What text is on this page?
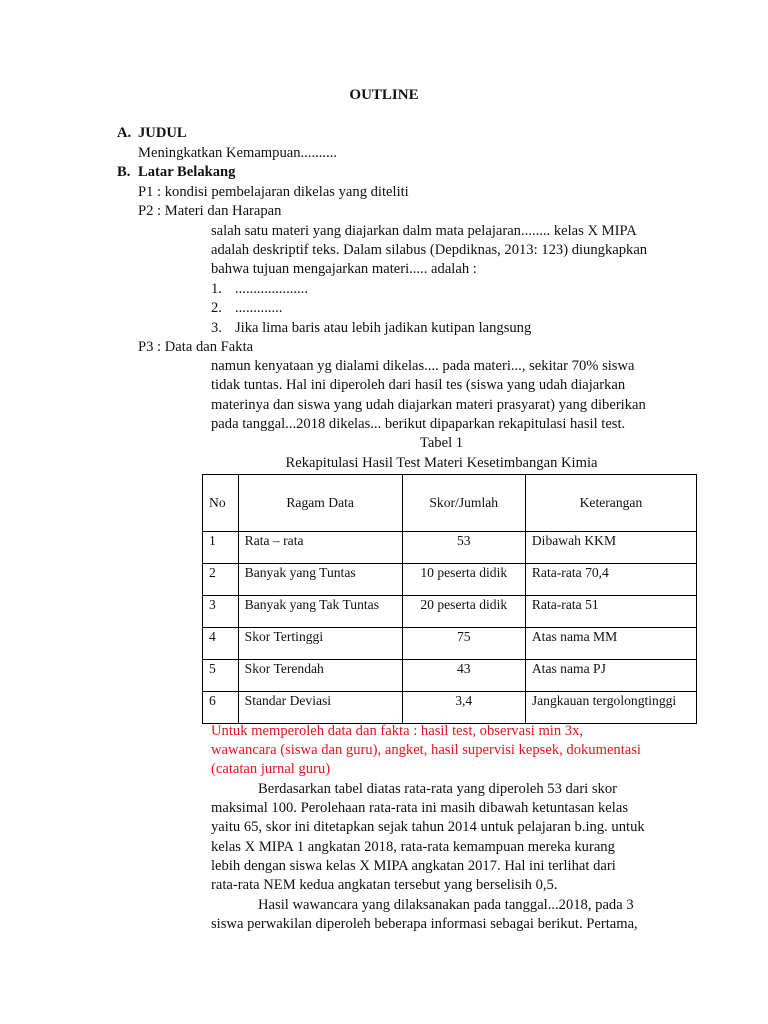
OUTLINE
A. JUDUL
Meningkatkan Kemampuan..........
B. Latar Belakang
P1 : kondisi pembelajaran dikelas yang diteliti
P2 : Materi dan Harapan
salah satu materi yang diajarkan dalm mata pelajaran........ kelas X MIPA
adalah deskriptif teks. Dalam silabus (Depdiknas, 2013: 123) diungkapkan
bahwa tujuan mengajarkan materi..... adalah :
1. ....................
2. .............
3. Jika lima baris atau lebih jadikan kutipan langsung
P3 : Data dan Fakta
namun kenyataan yg dialami dikelas.... pada materi..., sekitar 70% siswa
tidak tuntas. Hal ini diperoleh dari hasil tes (siswa yang udah diajarkan
materinya dan siswa yang udah diajarkan materi prasyarat) yang diberikan
pada tanggal...2018 dikelas... berikut dipaparkan rekapitulasi hasil test.
Tabel 1
Rekapitulasi Hasil Test Materi Kesetimbangan Kimia
No	Ragam Data	Skor/Jumlah	Keterangan
1	Rata – rata	53	Dibawah KKM
2	Banyak yang Tuntas	10 peserta didik	Rata-rata 70,4
3	Banyak yang Tak Tuntas	20 peserta didik	Rata-rata 51
4	Skor Tertinggi	75	Atas nama MM
5	Skor Terendah	43	Atas nama PJ
6	Standar Deviasi	3,4	Jangkauan tergolongtinggi
Untuk memperoleh data dan fakta : hasil test, observasi min 3x,
wawancara (siswa dan guru), angket, hasil supervisi kepsek, dokumentasi
(catatan jurnal guru)
Berdasarkan tabel diatas rata-rata yang diperoleh 53 dari skor
maksimal 100. Perolehaan rata-rata ini masih dibawah ketuntasan kelas
yaitu 65, skor ini ditetapkan sejak tahun 2014 untuk pelajaran b.ing. untuk
kelas X MIPA 1 angkatan 2018, rata-rata kemampuan mereka kurang
lebih dengan siswa kelas X MIPA angkatan 2017. Hal ini terlihat dari
rata-rata NEM kedua angkatan tersebut yang berselisih 0,5.
Hasil wawancara yang dilaksanakan pada tanggal...2018, pada 3
siswa perwakilan diperoleh beberapa informasi sebagai berikut. Pertama,
